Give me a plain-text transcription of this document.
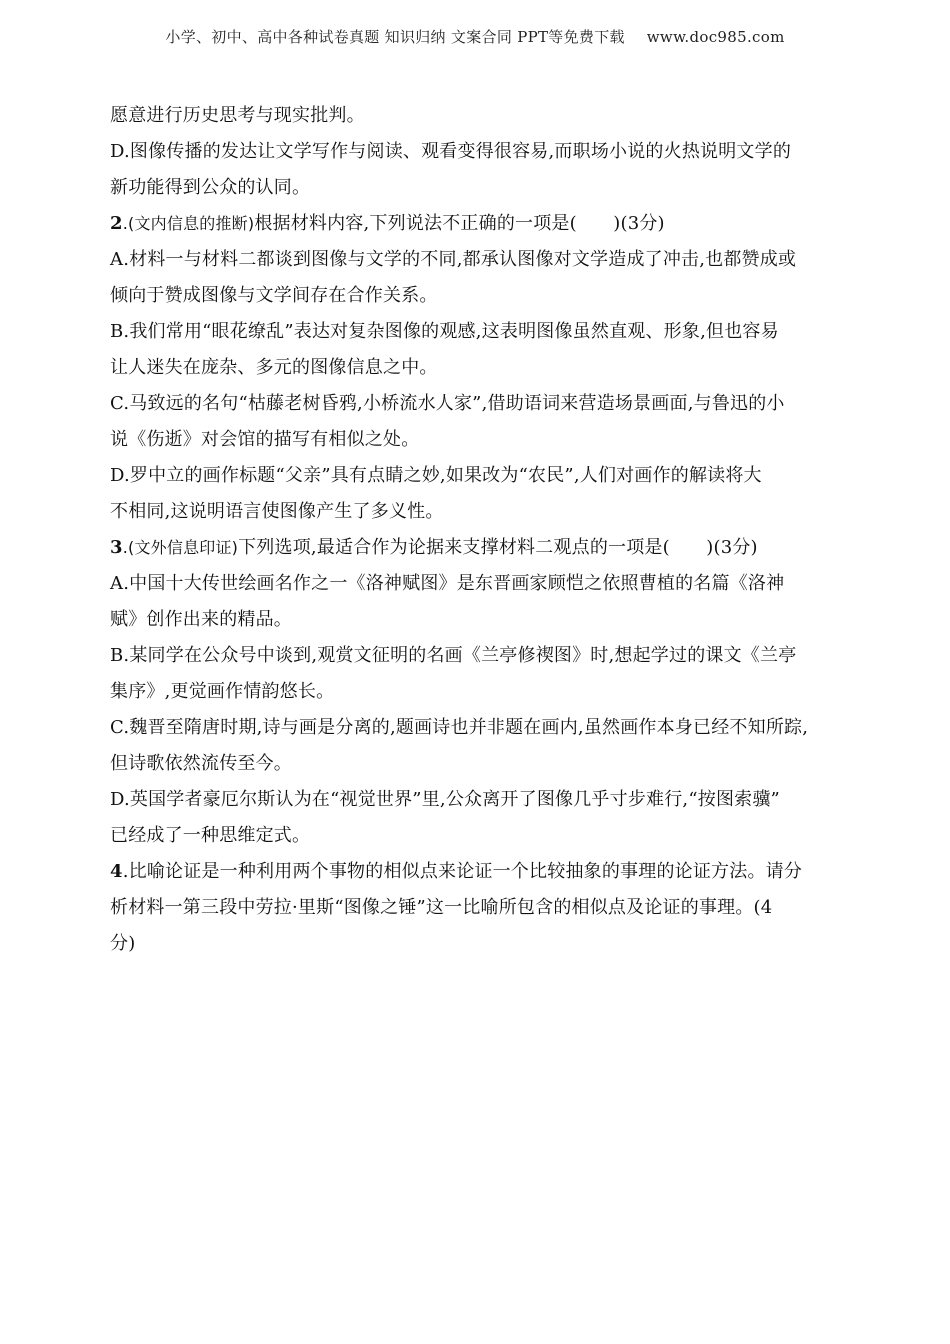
小学、初中、高中各种试卷真题 知识归纳 文案合同 PPT等免费下载 www.doc985.com
愿意进行历史思考与现实批判。
D.图像传播的发达让文学写作与阅读、观看变得很容易,而职场小说的火热说明文学的
新功能得到公众的认同。
2.(文内信息的推断)根据材料内容,下列说法不正确的一项是(　　)(3分)
A.材料一与材料二都谈到图像与文学的不同,都承认图像对文学造成了冲击,也都赞成或
倾向于赞成图像与文学间存在合作关系。
B.我们常用“眼花缭乱”表达对复杂图像的观感,这表明图像虽然直观、形象,但也容易
让人迷失在庞杂、多元的图像信息之中。
C.马致远的名句“枯藤老树昏鸦,小桥流水人家”,借助语词来营造场景画面,与鲁迅的小
说《伤逝》对会馆的描写有相似之处。
D.罗中立的画作标题“父亲”具有点睛之妙,如果改为“农民”,人们对画作的解读将大
不相同,这说明语言使图像产生了多义性。
3.(文外信息印证)下列选项,最适合作为论据来支撑材料二观点的一项是(　　)(3分)
A.中国十大传世绘画名作之一《洛神赋图》是东晋画家顾恺之依照曹植的名篇《洛神
赋》创作出来的精品。
B.某同学在公众号中谈到,观赏文征明的名画《兰亭修禊图》时,想起学过的课文《兰亭
集序》,更觉画作情韵悠长。
C.魏晋至隋唐时期,诗与画是分离的,题画诗也并非题在画内,虽然画作本身已经不知所踪,
但诗歌依然流传至今。
D.英国学者豪厄尔斯认为在“视觉世界”里,公众离开了图像几乎寸步难行,“按图索骥”
已经成了一种思维定式。
4.比喻论证是一种利用两个事物的相似点来论证一个比较抽象的事理的论证方法。请分
析材料一第三段中劳拉·里斯“图像之锤”这一比喻所包含的相似点及论证的事理。(4
分)
